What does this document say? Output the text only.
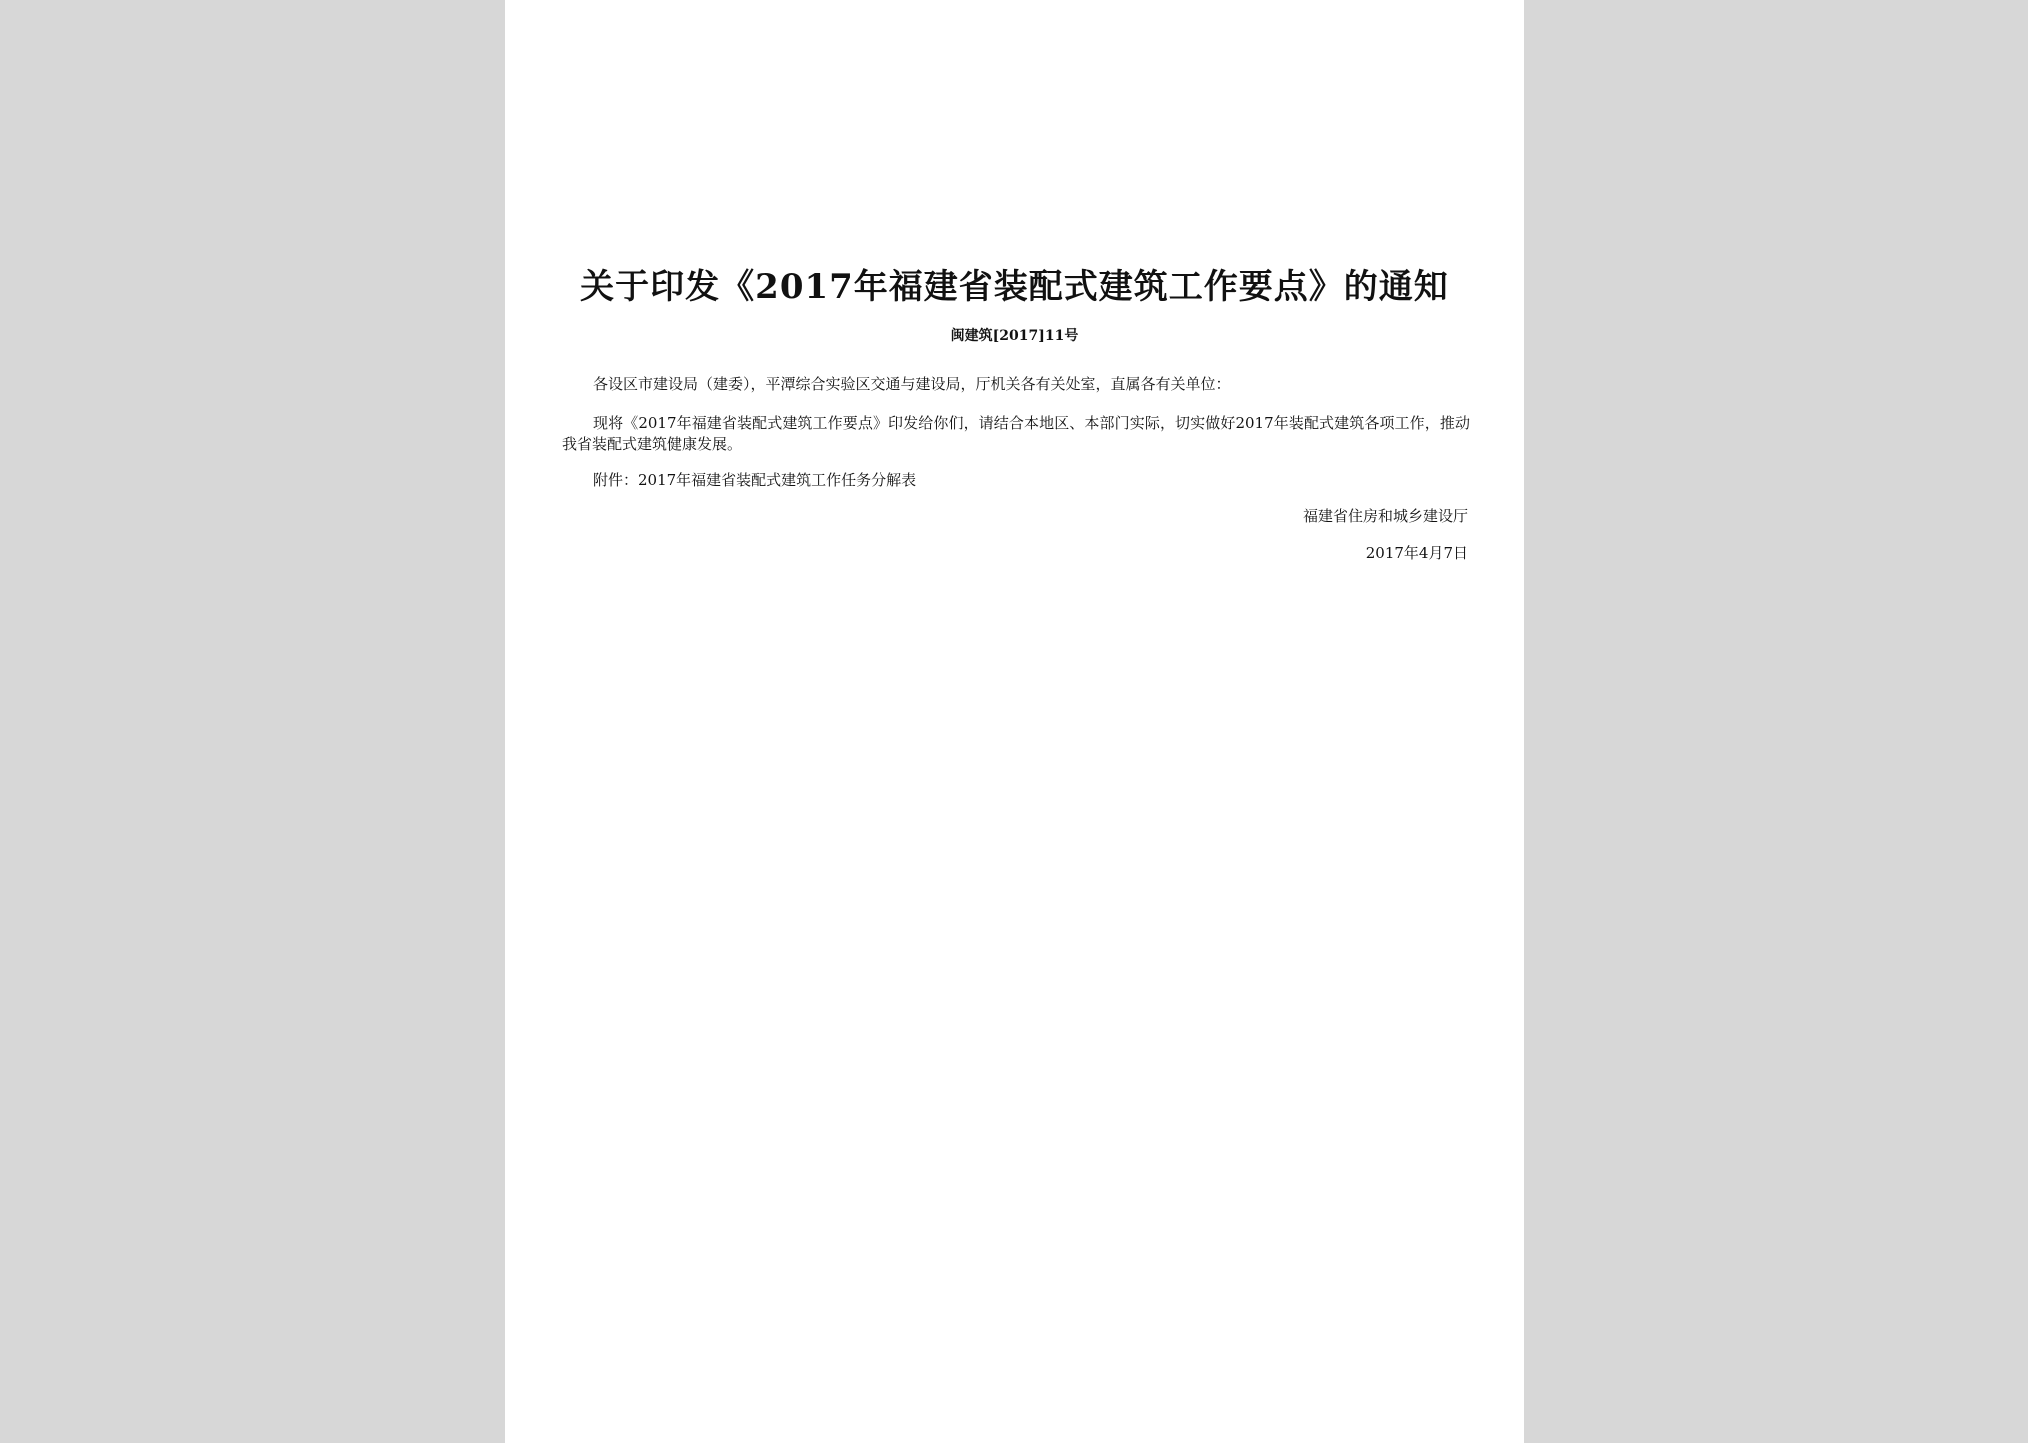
关于印发《2017年福建省装配式建筑工作要点》的通知
闽建筑[2017]11号
各设区市建设局（建委），平潭综合实验区交通与建设局，厅机关各有关处室，直属各有关单位：
现将《2017年福建省装配式建筑工作要点》印发给你们，请结合本地区、本部门实际，切实做好2017年装配式建筑各项工作，推动我省装配式建筑健康发展。
附件：2017年福建省装配式建筑工作任务分解表
福建省住房和城乡建设厅
2017年4月7日
